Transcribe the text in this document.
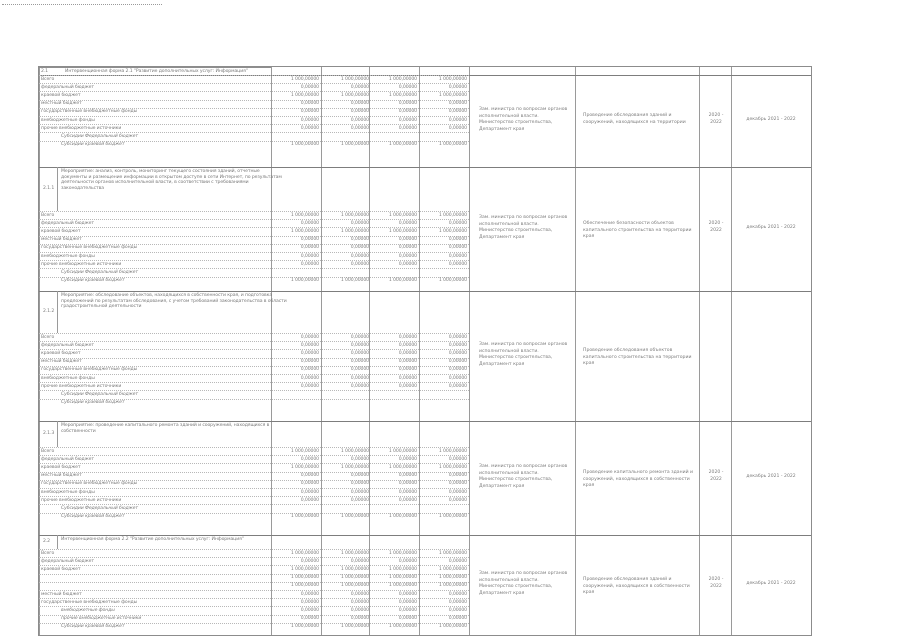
2.1	Интервенционная форма 2.1 "Развитие дополнительных услуг: Информация"
Всего	1 000,00000	1 000,00000	1 000,00000	1 000,00000
федеральный бюджет	0,00000	0,00000	0,00000	0,00000
краевой бюджет	1 000,00000	1 000,00000	1 000,00000	1 000,00000
местный бюджет	0,00000	0,00000	0,00000	0,00000
государственные внебюджетные фонды	0,00000	0,00000	0,00000	0,00000
внебюджетные фонды	0,00000	0,00000	0,00000	0,00000
прочие внебюджетные источники	0,00000	0,00000	0,00000	0,00000
Субсидии Федеральный бюджет
Субсидии краевой бюджет	1 000,00000	1 000,00000	1 000,00000	1 000,00000
Зам. министра по вопросам органов исполнительной власти. Министерство строительства, Департамент края
Проведение обследования зданий и сооружений, находящихся на территории
2020 - 2022
декабрь 2021 - 2022
2.1.1
Мероприятие: анализ, контроль, мониторинг текущего состояния зданий, отчетные документы и размещение информации в открытом доступе в сети Интернет, по результатам деятельности органов исполнительной власти, в соответствии с требованиями законодательства
Всего	1 000,00000	1 000,00000	1 000,00000	1 000,00000
федеральный бюджет	0,00000	0,00000	0,00000	0,00000
краевой бюджет	1 000,00000	1 000,00000	1 000,00000	1 000,00000
местный бюджет	0,00000	0,00000	0,00000	0,00000
государственные внебюджетные фонды	0,00000	0,00000	0,00000	0,00000
внебюджетные фонды	0,00000	0,00000	0,00000	0,00000
прочие внебюджетные источники	0,00000	0,00000	0,00000	0,00000
Субсидии Федеральный бюджет
Субсидии краевой бюджет	1 000,00000	1 000,00000	1 000,00000	1 000,00000
Зам. министра по вопросам органов исполнительной власти. Министерство строительства, Департамент края
Обеспечение безопасности объектов капитального строительства на территории края
2020 - 2022
декабрь 2021 - 2022
2.1.2
Мероприятие: обследование объектов, находящихся в собственности края, и подготовка предложений по результатам обследования, с учетом требований законодательства в области градостроительной деятельности
Всего	0,00000	0,00000	0,00000	0,00000
федеральный бюджет	0,00000	0,00000	0,00000	0,00000
краевой бюджет	0,00000	0,00000	0,00000	0,00000
местный бюджет	0,00000	0,00000	0,00000	0,00000
государственные внебюджетные фонды	0,00000	0,00000	0,00000	0,00000
внебюджетные фонды	0,00000	0,00000	0,00000	0,00000
прочие внебюджетные источники	0,00000	0,00000	0,00000	0,00000
Субсидии Федеральный бюджет
Субсидии краевой бюджет
Зам. министра по вопросам органов исполнительной власти. Министерство строительства, Департамент края
Проведение обследования объектов капитального строительства на территории края
2.1.3
Мероприятие: проведение капитального ремонта зданий и сооружений, находящихся в собственности
Всего	1 000,00000	1 000,00000	1 000,00000	1 000,00000
федеральный бюджет	0,00000	0,00000	0,00000	0,00000
краевой бюджет	1 000,00000	1 000,00000	1 000,00000	1 000,00000
местный бюджет	0,00000	0,00000	0,00000	0,00000
государственные внебюджетные фонды	0,00000	0,00000	0,00000	0,00000
внебюджетные фонды	0,00000	0,00000	0,00000	0,00000
прочие внебюджетные источники	0,00000	0,00000	0,00000	0,00000
Субсидии Федеральный бюджет
Субсидии краевой бюджет	1 000,00000	1 000,00000	1 000,00000	1 000,00000
Зам. министра по вопросам органов исполнительной власти. Министерство строительства, Департамент края
Проведение капитального ремонта зданий и сооружений, находящихся в собственности края
2020 - 2022
декабрь 2021 - 2022
2.2 Интервенционная форма 2.2 "Развитие дополнительных услуг: Информация"
Всего	1 000,00000	1 000,00000	1 000,00000	1 000,00000
федеральный бюджет	0,00000	0,00000	0,00000	0,00000
краевой бюджет	1 000,00000	1 000,00000	1 000,00000	1 000,00000
1 000,00000	1 000,00000	1 000,00000	1 000,00000
1 000,00000	1 000,00000	1 000,00000	1 000,00000
местный бюджет	0,00000	0,00000	0,00000	0,00000
государственные внебюджетные фонды	0,00000	0,00000	0,00000	0,00000
внебюджетные фонды	0,00000	0,00000	0,00000	0,00000
прочие внебюджетные источники	0,00000	0,00000	0,00000	0,00000
Субсидии краевой бюджет	1 000,00000	1 000,00000	1 000,00000	1 000,00000
Зам. министра по вопросам органов исполнительной власти. Министерство строительства, Департамент края
Проведение обследования зданий и сооружений, находящихся в собственности края
2020 - 2022
декабрь 2021 - 2022
